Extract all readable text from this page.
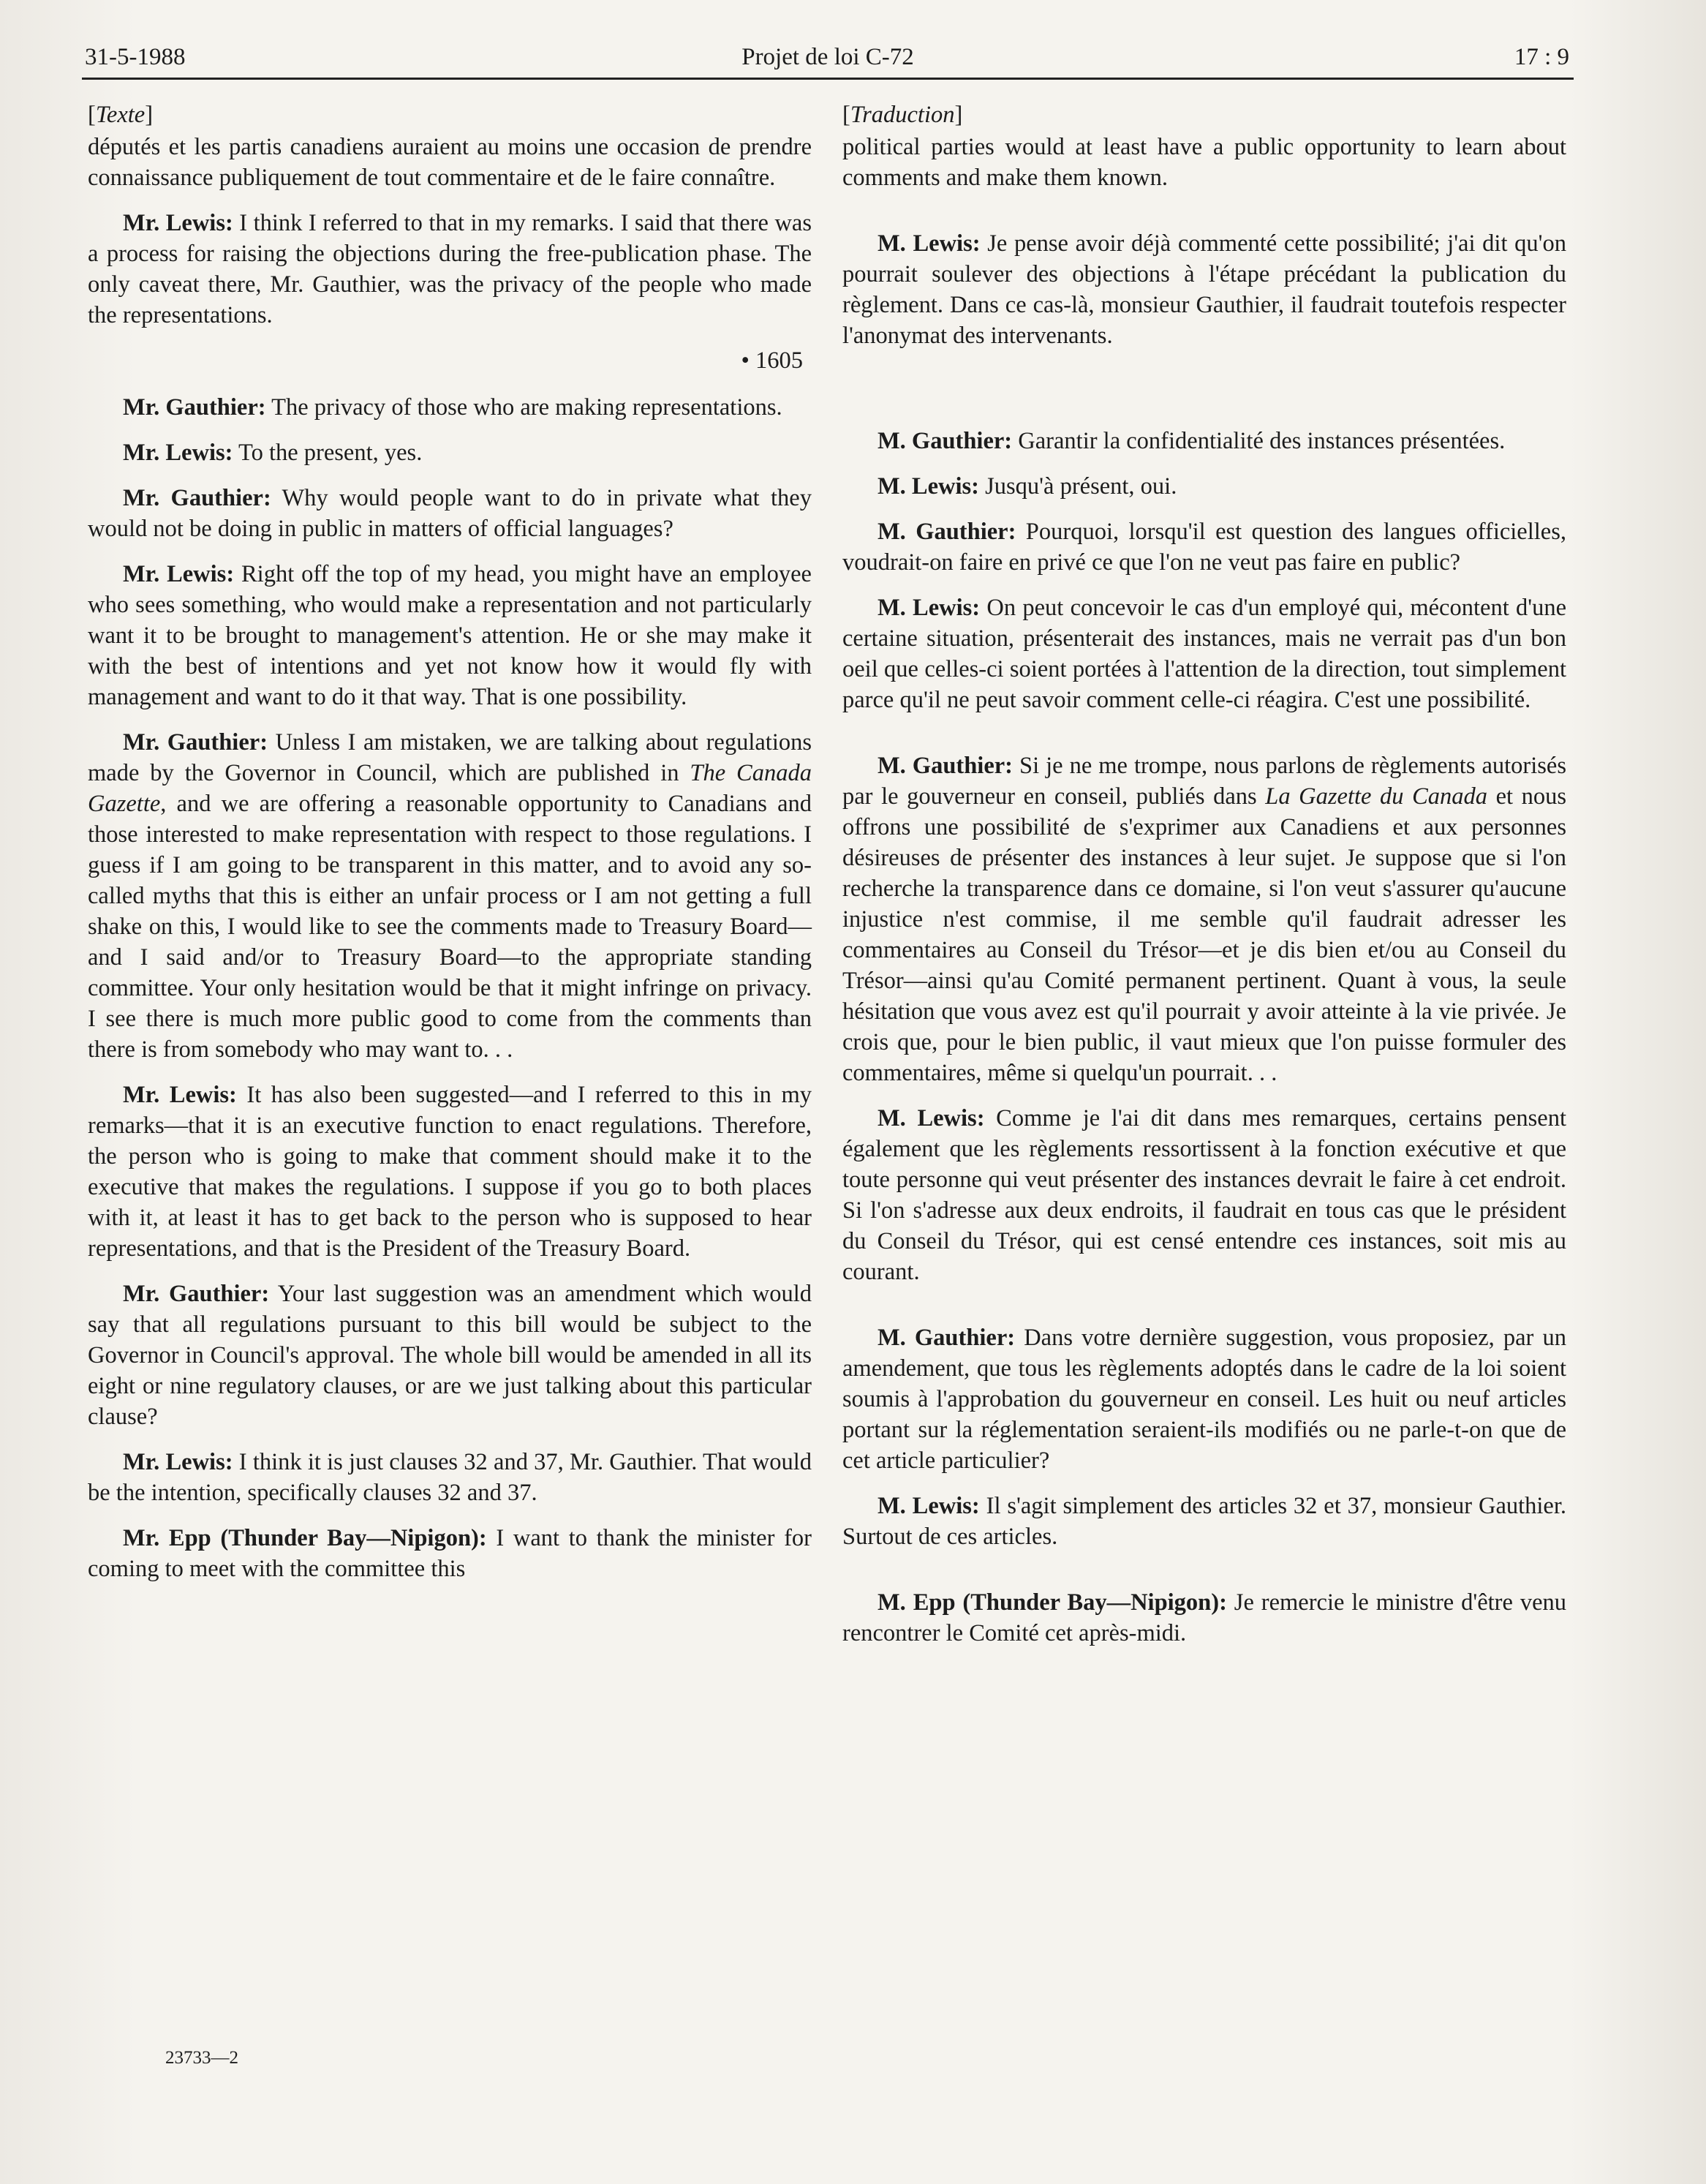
31-5-1988	Projet de loi C-72	17 : 9
[Texte]

députés et les partis canadiens auraient au moins une occasion de prendre connaissance publiquement de tout commentaire et de le faire connaître.

Mr. Lewis: I think I referred to that in my remarks. I said that there was a process for raising the objections during the free-publication phase. The only caveat there, Mr. Gauthier, was the privacy of the people who made the representations.

• 1605

Mr. Gauthier: The privacy of those who are making representations.

Mr. Lewis: To the present, yes.

Mr. Gauthier: Why would people want to do in private what they would not be doing in public in matters of official languages?

Mr. Lewis: Right off the top of my head, you might have an employee who sees something, who would make a representation and not particularly want it to be brought to management's attention. He or she may make it with the best of intentions and yet not know how it would fly with management and want to do it that way. That is one possibility.

Mr. Gauthier: Unless I am mistaken, we are talking about regulations made by the Governor in Council, which are published in The Canada Gazette, and we are offering a reasonable opportunity to Canadians and those interested to make representation with respect to those regulations. I guess if I am going to be transparent in this matter, and to avoid any so-called myths that this is either an unfair process or I am not getting a full shake on this, I would like to see the comments made to Treasury Board—and I said and/or to Treasury Board—to the appropriate standing committee. Your only hesitation would be that it might infringe on privacy. I see there is much more public good to come from the comments than there is from somebody who may want to. . .

Mr. Lewis: It has also been suggested—and I referred to this in my remarks—that it is an executive function to enact regulations. Therefore, the person who is going to make that comment should make it to the executive that makes the regulations. I suppose if you go to both places with it, at least it has to get back to the person who is supposed to hear representations, and that is the President of the Treasury Board.

Mr. Gauthier: Your last suggestion was an amendment which would say that all regulations pursuant to this bill would be subject to the Governor in Council's approval. The whole bill would be amended in all its eight or nine regulatory clauses, or are we just talking about this particular clause?

Mr. Lewis: I think it is just clauses 32 and 37, Mr. Gauthier. That would be the intention, specifically clauses 32 and 37.

Mr. Epp (Thunder Bay—Nipigon): I want to thank the minister for coming to meet with the committee this

[Traduction]

political parties would at least have a public opportunity to learn about comments and make them known.

M. Lewis: Je pense avoir déjà commenté cette possibilité; j'ai dit qu'on pourrait soulever des objections à l'étape précédant la publication du règlement. Dans ce cas-là, monsieur Gauthier, il faudrait toutefois respecter l'anonymat des intervenants.

M. Gauthier: Garantir la confidentialité des instances présentées.

M. Lewis: Jusqu'à présent, oui.

M. Gauthier: Pourquoi, lorsqu'il est question des langues officielles, voudrait-on faire en privé ce que l'on ne veut pas faire en public?

M. Lewis: On peut concevoir le cas d'un employé qui, mécontent d'une certaine situation, présenterait des instances, mais ne verrait pas d'un bon oeil que celles-ci soient portées à l'attention de la direction, tout simplement parce qu'il ne peut savoir comment celle-ci réagira. C'est une possibilité.

M. Gauthier: Si je ne me trompe, nous parlons de règlements autorisés par le gouverneur en conseil, publiés dans La Gazette du Canada et nous offrons une possibilité de s'exprimer aux Canadiens et aux personnes désireuses de présenter des instances à leur sujet. Je suppose que si l'on recherche la transparence dans ce domaine, si l'on veut s'assurer qu'aucune injustice n'est commise, il me semble qu'il faudrait adresser les commentaires au Conseil du Trésor—et je dis bien et/ou au Conseil du Trésor—ainsi qu'au Comité permanent pertinent. Quant à vous, la seule hésitation que vous avez est qu'il pourrait y avoir atteinte à la vie privée. Je crois que, pour le bien public, il vaut mieux que l'on puisse formuler des commentaires, même si quelqu'un pourrait. . .

M. Lewis: Comme je l'ai dit dans mes remarques, certains pensent également que les règlements ressortissent à la fonction exécutive et que toute personne qui veut présenter des instances devrait le faire à cet endroit. Si l'on s'adresse aux deux endroits, il faudrait en tous cas que le président du Conseil du Trésor, qui est censé entendre ces instances, soit mis au courant.

M. Gauthier: Dans votre dernière suggestion, vous proposiez, par un amendement, que tous les règlements adoptés dans le cadre de la loi soient soumis à l'approbation du gouverneur en conseil. Les huit ou neuf articles portant sur la réglementation seraient-ils modifiés ou ne parle-t-on que de cet article particulier?

M. Lewis: Il s'agit simplement des articles 32 et 37, monsieur Gauthier. Surtout de ces articles.

M. Epp (Thunder Bay—Nipigon): Je remercie le ministre d'être venu rencontrer le Comité cet après-midi.

23733—2
